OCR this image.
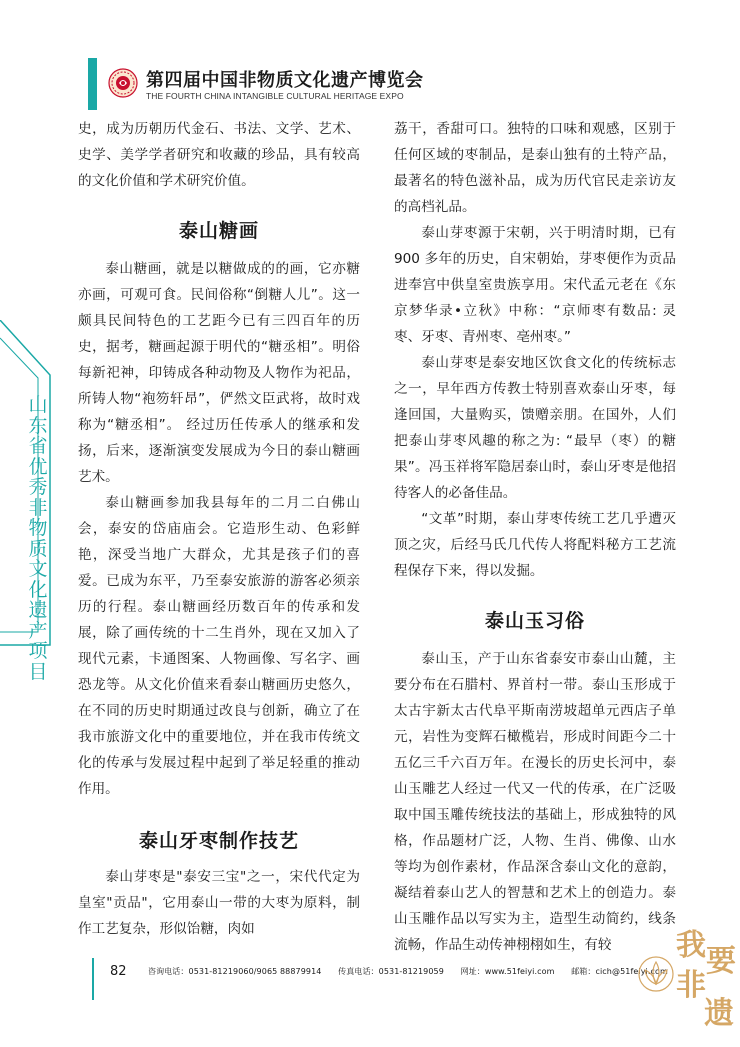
第四届中国非物质文化遗产博览会
THE FOURTH CHINA INTANGIBLE CULTURAL HERITAGE EXPO
山
东
省
优
秀
非
物
质
文
化
遗
产
项
目

史，成为历朝历代金石、书法、文学、艺术、史学、美学学者研究和收藏的珍品，具有较高的文化价值和学术研究价值。

泰山糖画

泰山糖画，就是以糖做成的的画，它亦糖亦画，可观可食。民间俗称“倒糖人儿”。这一颇具民间特色的工艺距今已有三四百年的历史，据考，糖画起源于明代的“糖丞相”。明俗每新祀神，印铸成各种动物及人物作为祀品，所铸人物“袍笏轩昂”，俨然文臣武将，故时戏称为“糖丞相”。 经过历任传承人的继承和发扬，后来，逐渐演变发展成为今日的泰山糖画艺术。

泰山糖画参加我县每年的二月二白佛山会，泰安的岱庙庙会。它造形生动、色彩鲜艳，深受当地广大群众，尤其是孩子们的喜爱。已成为东平，乃至泰安旅游的游客必须亲历的行程。泰山糖画经历数百年的传承和发展，除了画传统的十二生肖外，现在又加入了现代元素，卡通图案、人物画像、写名字、画恐龙等。从文化价值来看泰山糖画历史悠久，在不同的历史时期通过改良与创新，确立了在我市旅游文化中的重要地位，并在我市传统文化的传承与发展过程中起到了举足轻重的推动作用。

泰山牙枣制作技艺

泰山芽枣是"泰安三宝"之一，宋代代定为皇室"贡品"，它用泰山一带的大枣为原料，制作工艺复杂，形似饴糖，肉如

荔干，香甜可口。独特的口味和观感，区别于任何区域的枣制品，是泰山独有的土特产品，最著名的特色滋补品，成为历代官民走亲访友的高档礼品。

泰山芽枣源于宋朝，兴于明清时期，已有 900 多年的历史，自宋朝始，芽枣便作为贡品进奉宫中供皇室贵族享用。宋代孟元老在《东京梦华录•立秋》中称：“京师枣有数品: 灵枣、牙枣、青州枣、亳州枣。”

泰山芽枣是泰安地区饮食文化的传统标志之一，早年西方传教士特别喜欢泰山牙枣，每逢回国，大量购买，馈赠亲朋。在国外，人们把泰山芽枣风趣的称之为: “最早（枣）的糖果”。冯玉祥将军隐居泰山时，泰山牙枣是他招待客人的必备佳品。

“文革”时期，泰山芽枣传统工艺几乎遭灭顶之灾，后经马氏几代传人将配料秘方工艺流程保存下来，得以发掘。

泰山玉习俗

泰山玉，产于山东省泰安市泰山山麓，主要分布在石腊村、界首村一带。泰山玉形成于太古宇新太古代阜平斯南涝坡超单元西店子单元，岩性为变辉石橄榄岩，形成时间距今二十五亿三千六百万年。在漫长的历史长河中，泰山玉雕艺人经过一代又一代的传承，在广泛吸取中国玉雕传统技法的基础上，形成独特的风格，作品题材广泛，人物、生肖、佛像、山水等均为创作素材，作品深含泰山文化的意韵，凝结着泰山艺人的智慧和艺术上的创造力。泰山玉雕作品以写实为主，造型生动简约，线条流畅，作品生动传神栩栩如生，有较

82	咨询电话：0531-81219060/9065 88879914 传真电话：0531-81219059 网址：www.51feiyi.com 邮箱：cich@51feiyi.com
我 要
非
遗
